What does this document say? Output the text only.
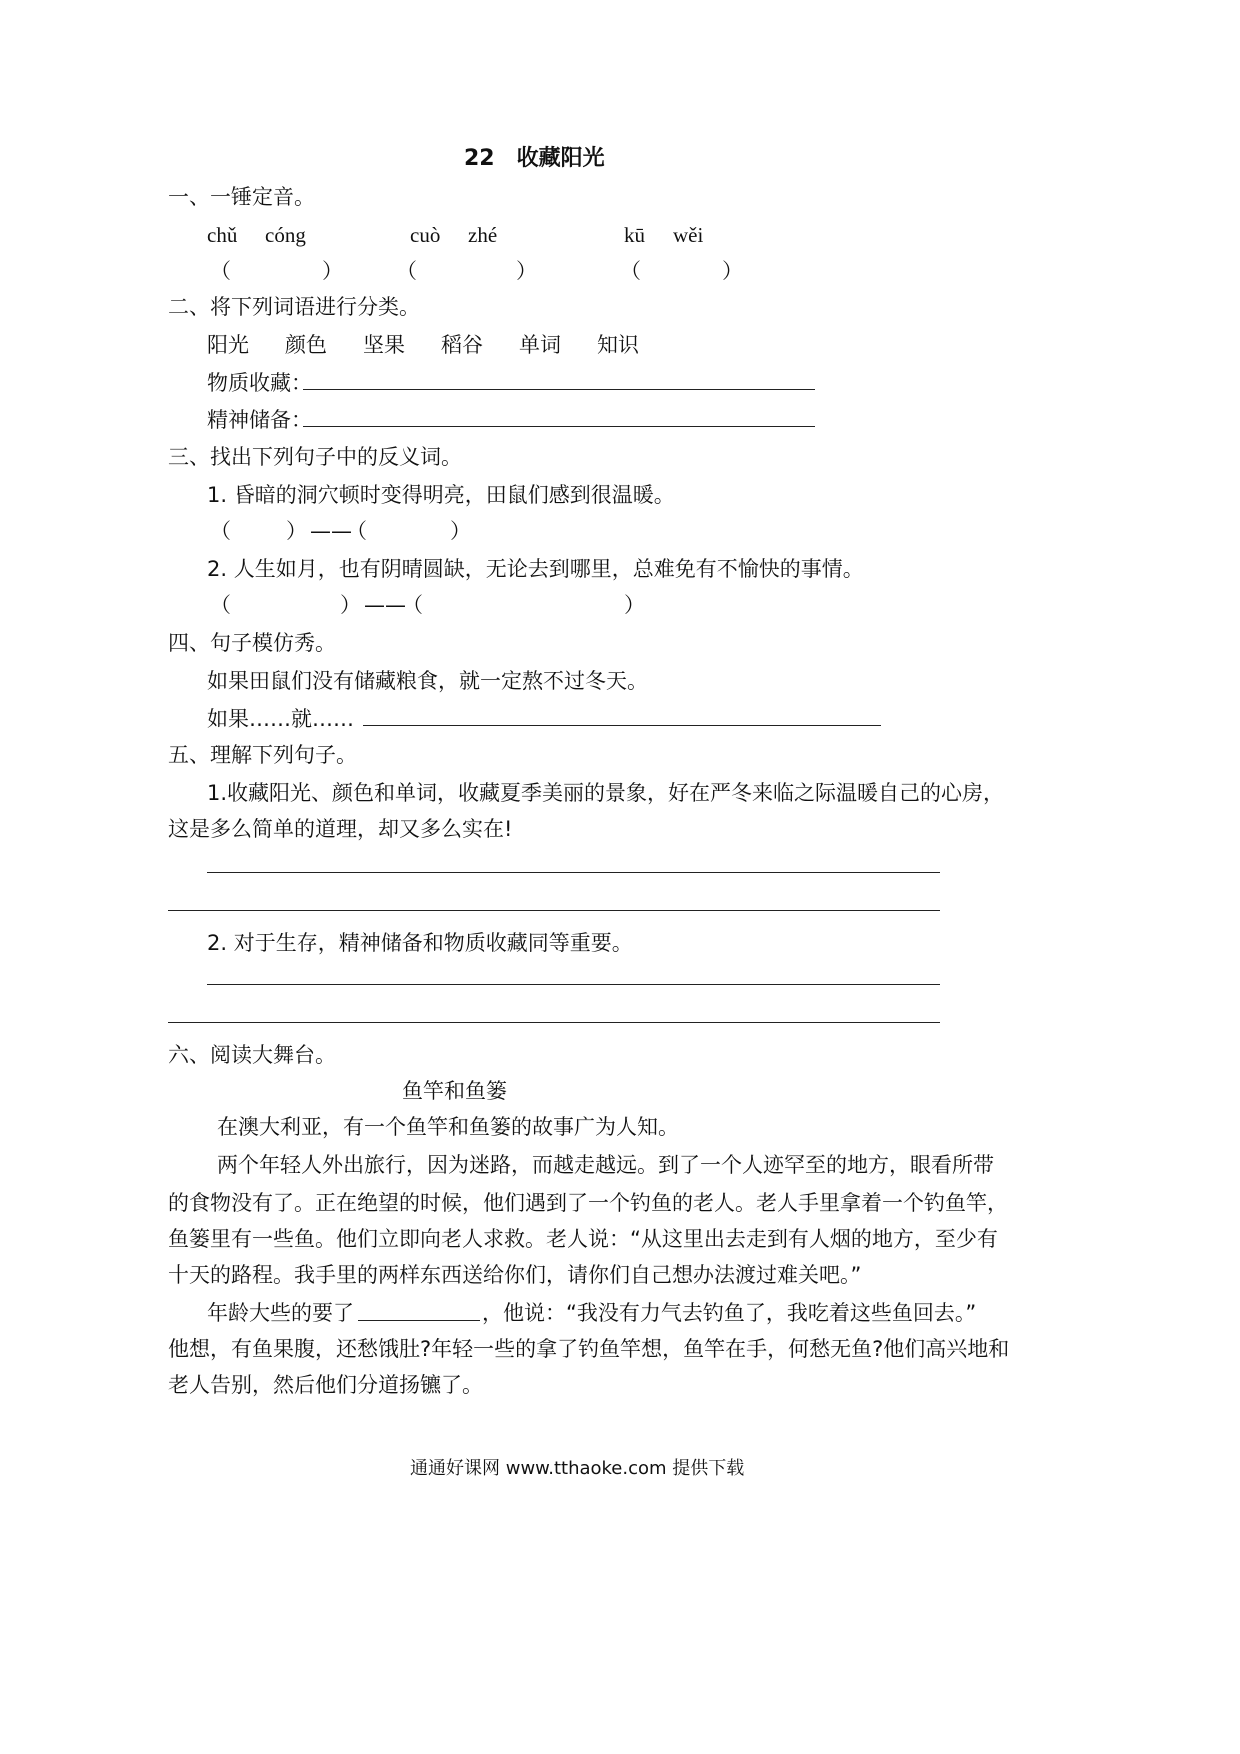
22　收藏阳光
一、一锤定音。
chǔ cóng	cuò zhé	kū wěi
（	）	（	）	（	）
二、将下列词语进行分类。
阳光 颜色 坚果 稻谷 单词 知识
物质收藏：
精神储备：
三、找出下列句子中的反义词。
1. 昏暗的洞穴顿时变得明亮，田鼠们感到很温暖。
（	） ——
（	）
2. 人生如月，也有阴晴圆缺，无论去到哪里，总难免有不愉快的事情。
（	） ——
（	）
四、句子模仿秀。
如果田鼠们没有储藏粮食，就一定熬不过冬天。
如果……就……
五、理解下列句子。
1.收藏阳光、颜色和单词，收藏夏季美丽的景象，好在严冬来临之际温暖自己的心房，
这是多么简单的道理，却又多么实在!
2. 对于生存，精神储备和物质收藏同等重要。
六、阅读大舞台。
鱼竿和鱼篓
在澳大利亚，有一个鱼竿和鱼篓的故事广为人知。
两个年轻人外出旅行，因为迷路，而越走越远。到了一个人迹罕至的地方，眼看所带
的食物没有了。正在绝望的时候，他们遇到了一个钓鱼的老人。老人手里拿着一个钓鱼竿，
鱼篓里有一些鱼。他们立即向老人求救。老人说：“从这里出去走到有人烟的地方，至少有
十天的路程。我手里的两样东西送给你们，请你们自己想办法渡过难关吧。”
年龄大些的要了	，他说：“我没有力气去钓鱼了，我吃着这些鱼回去。”
他想，有鱼果腹，还愁饿肚?年轻一些的拿了钓鱼竿想，鱼竿在手，何愁无鱼?他们高兴地和
老人告别，然后他们分道扬镳了。
通通好课网 www.tthaoke.com 提供下载
